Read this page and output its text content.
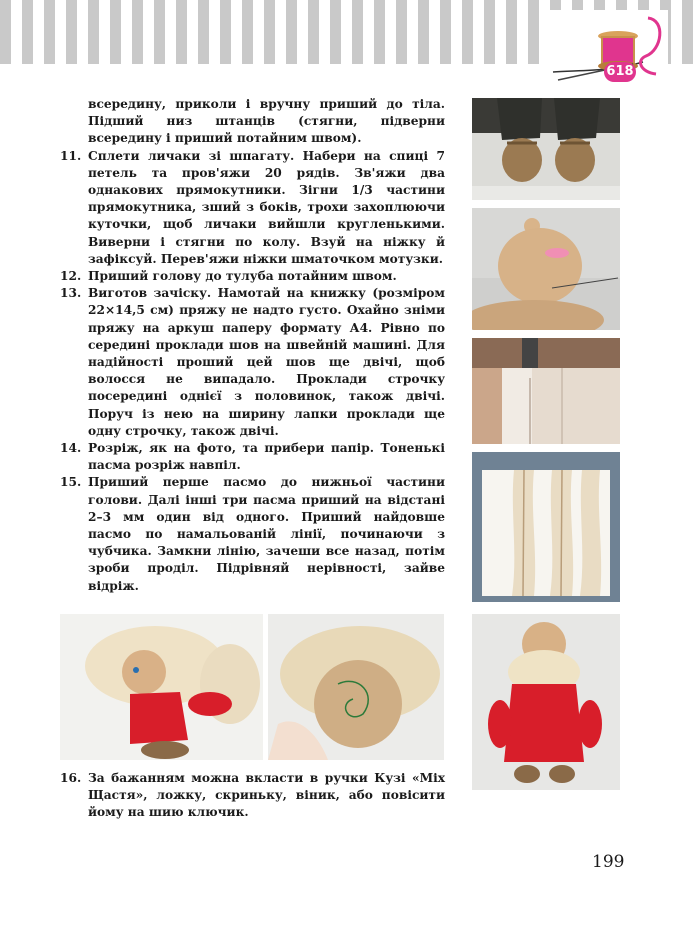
618
всередину, приколи і вручну приший до тіла. Підший низ штанців (стягни, підверни всередину і приший потайним швом).
11. Сплети личаки зі шпагату. Набери на спиці 7 петель та пров'яжи 20 рядів. Зв'яжи два однакових прямокутники. Зігни 1/3 частини прямокутника, зший з боків, трохи захоплюючи куточки, щоб личаки вийшли кругленькими. Виверни і стягни по колу. Взуй на ніжку й зафіксуй. Перев'яжи ніжки шматочком мотузки.
12. Приший голову до тулуба потайним швом.
13. Виготов зачіску. Намотай на книжку (розміром 22×14,5 см) пряжу не надто густо. Охайно зніми пряжу на аркуш паперу формату А4. Рівно по середині проклади шов на швейній машині. Для надійності проший цей шов ще двічі, щоб волосся не випадало. Проклади строчку посередині однієї з половинок, також двічі. Поруч із нею на ширину лапки проклади ще одну строчку, також двічі.
14. Розріж, як на фото, та прибери папір. Тоненькі пасма розріж навпіл.
15. Приший перше пасмо до нижньої частини голови. Далі інші три пасма приший на відстані 2–3 мм один від одного. Приший найдовше пасмо по намальованій лінії, починаючи з чубчика. Замкни лінію, зачеши все назад, потім зроби проділ. Підрівняй нерівності, зайве відріж.
16. За бажанням можна вкласти в ручки Кузі «Міх Щастя», ложку, скриньку, віник, або повісити йому на шию ключик.
199
